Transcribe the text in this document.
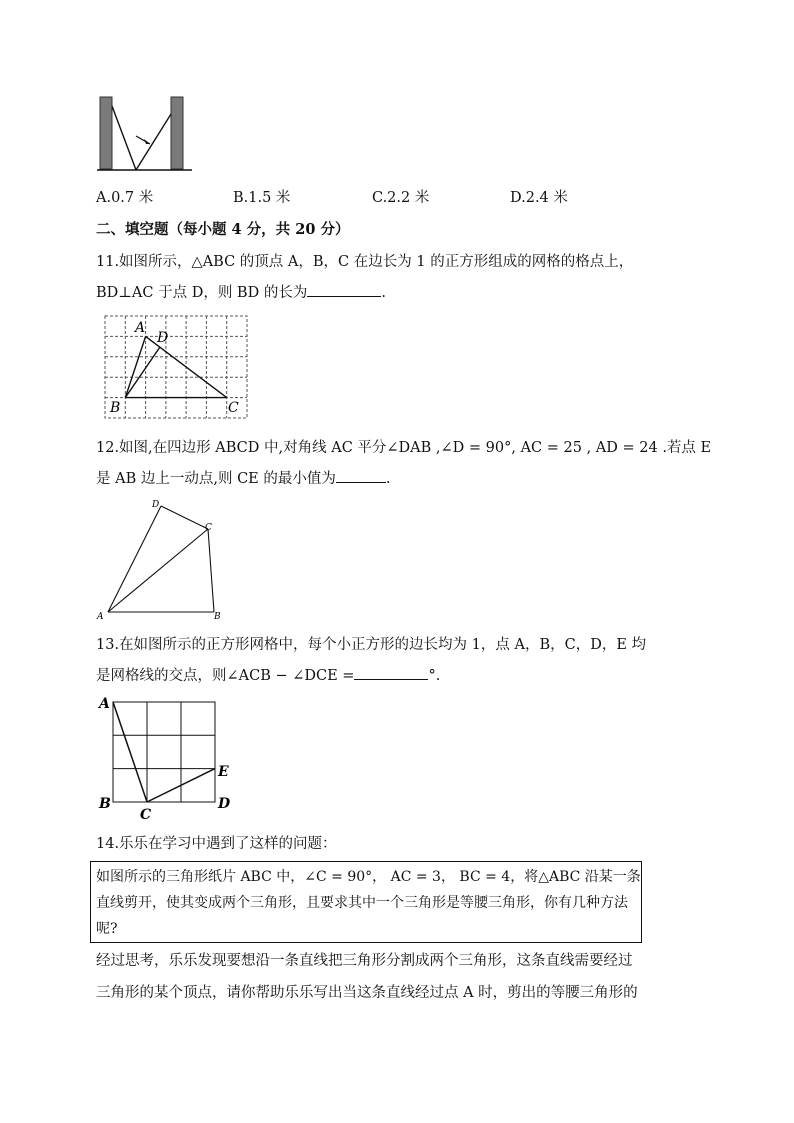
A.0.7 米	B.1.5 米	C.2.2 米	D.2.4 米
二、填空题（每小题 4 分，共 20 分）
11.如图所示，△ABC 的顶点 A，B，C 在边长为 1 的正方形组成的网格的格点上，
BD⊥AC 于点 D，则 BD 的长为	.
A
D
B	C
12.如图,在四边形 ABCD 中,对角线 AC 平分∠DAB ,∠D = 90°, AC = 25 , AD = 24 .若点 E
是 AB 边上一动点,则 CE 的最小值为	.
D
C
A	B
13.在如图所示的正方形网格中，每个小正方形的边长均为 1，点 A，B，C，D，E 均
是网格线的交点，则∠ACB − ∠DCE =	°.
A
B
C
D
E
14.乐乐在学习中遇到了这样的问题：
如图所示的三角形纸片 ABC 中，∠C = 90°， AC = 3， BC = 4，将△ABC 沿某一条
直线剪开，使其变成两个三角形，且要求其中一个三角形是等腰三角形，你有几种方法
呢?
经过思考，乐乐发现要想沿一条直线把三角形分割成两个三角形，这条直线需要经过
三角形的某个顶点，请你帮助乐乐写出当这条直线经过点 A 时，剪出的等腰三角形的
